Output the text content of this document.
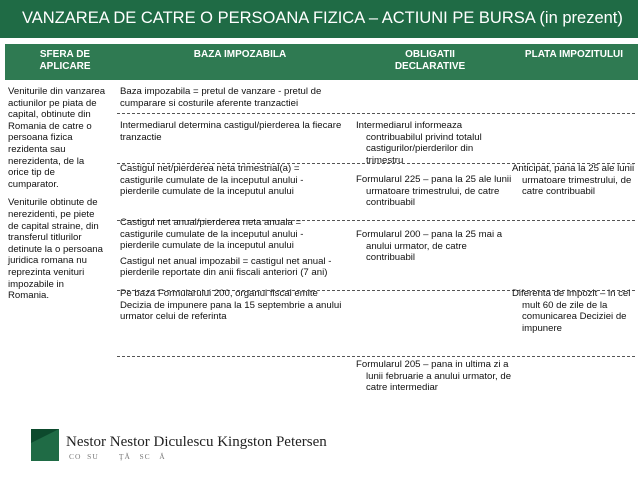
VANZAREA DE CATRE O PERSOANA FIZICA – ACTIUNI PE BURSA (in prezent)
SFERA DE APLICARE
BAZA IMPOZABILA	OBLIGATII DECLARATIVE
PLATA IMPOZITULUI

Veniturile din vanzarea actiunilor pe piata de capital, obtinute din Romania de catre o persoana fizica rezidenta sau nerezidenta, de la orice tip de cumparator.

Veniturile obtinute de nerezidenti, pe piete de capital straine, din transferul titlurilor detinute la o persoana juridica romana nu reprezinta venituri impozabile in Romania.

Baza impozabila = pretul de vanzare - pretul de cumparare si costurile aferente tranzactiei

Intermediarul determina castigul/pierderea la fiecare tranzactie

Intermediarul informeaza contribuabilul privind totalul castigurilor/pierderilor din trimestru

Castigul net/pierderea neta trimestrial(a) = castigurile cumulate de la inceputul anului - pierderile cumulate de la inceputul anului

Formularul 225 – pana la 25 ale lunii urmatoare trimestrului, de catre contribuabil

Anticipat, pana la 25 ale lunii urmatoare trimestrului, de catre contribuabil

Castigul net anual/pierderea neta anuala = castigurile cumulate de la inceputul anului - pierderile cumulate de la inceputul anului

Castigul net anual impozabil = castigul net anual - pierderile reportate din anii fiscali anteriori (7 ani)

Formularul 200 – pana la 25 mai a anului urmator, de catre contribuabil

Pe baza Formularului 200, organul fiscal emite Decizia de impunere pana la 15 septembrie a anului urmator celui de referinta

Diferenta de impozit – in cel mult 60 de zile de la comunicarea Deciziei de impunere

Formularul 205 – pana in ultima zi a lunii februarie a anului urmator, de catre intermediar

Nestor Nestor Diculescu Kingston Petersen
CO  SU       ŢĂ   SC   Ă
